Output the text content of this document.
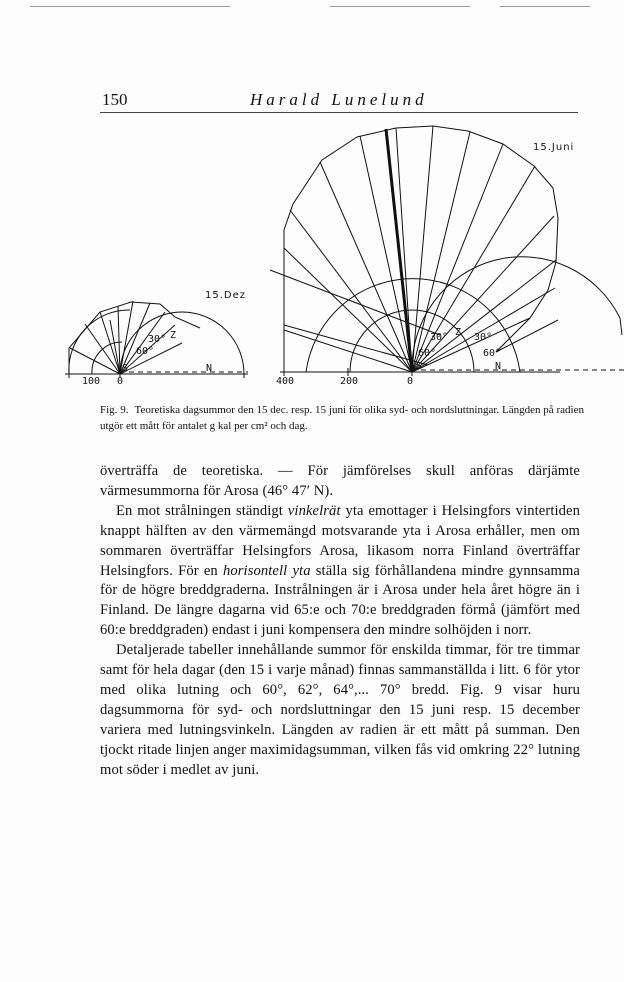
150	Harald Lunelund
15.Dez
30° Z
60°
S	N
100 0
15.Juni
30° Z 30°
60°	60°
S	N
400	200	0
Fig. 9. Teoretiska dagsummor den 15 dec. resp. 15 juni för olika syd- och nordsluttningar. Längden på radien utgör ett mått för antalet g kal per cm² och dag.

överträffa de teoretiska. — För jämförelses skull anföras därjämte värmesummorna för Arosa (46° 47′ N).

En mot strålningen ständigt vinkelrät yta emottager i Helsingfors vintertiden knappt hälften av den värmemängd motsvarande yta i Arosa erhåller, men om sommaren överträffar Helsingfors Arosa, likasom norra Finland överträffar Helsingfors. För en horisontell yta ställa sig förhållandena mindre gynnsamma för de högre breddgraderna. Instrålningen är i Arosa under hela året högre än i Finland. De längre dagarna vid 65:e och 70:e breddgraden förmå (jämfört med 60:e breddgraden) endast i juni kompensera den mindre solhöjden i norr.

Detaljerade tabeller innehållande summor för enskilda timmar, för tre timmar samt för hela dagar (den 15 i varje månad) finnas sammanställda i litt. 6 för ytor med olika lutning och 60°, 62°, 64°,... 70° bredd. Fig. 9 visar huru dagsummorna för syd- och nordsluttningar den 15 juni resp. 15 december variera med lutningsvinkeln. Längden av radien är ett mått på summan. Den tjockt ritade linjen anger maximidagsumman, vilken fås vid omkring 22° lutning mot söder i medlet av juni.
